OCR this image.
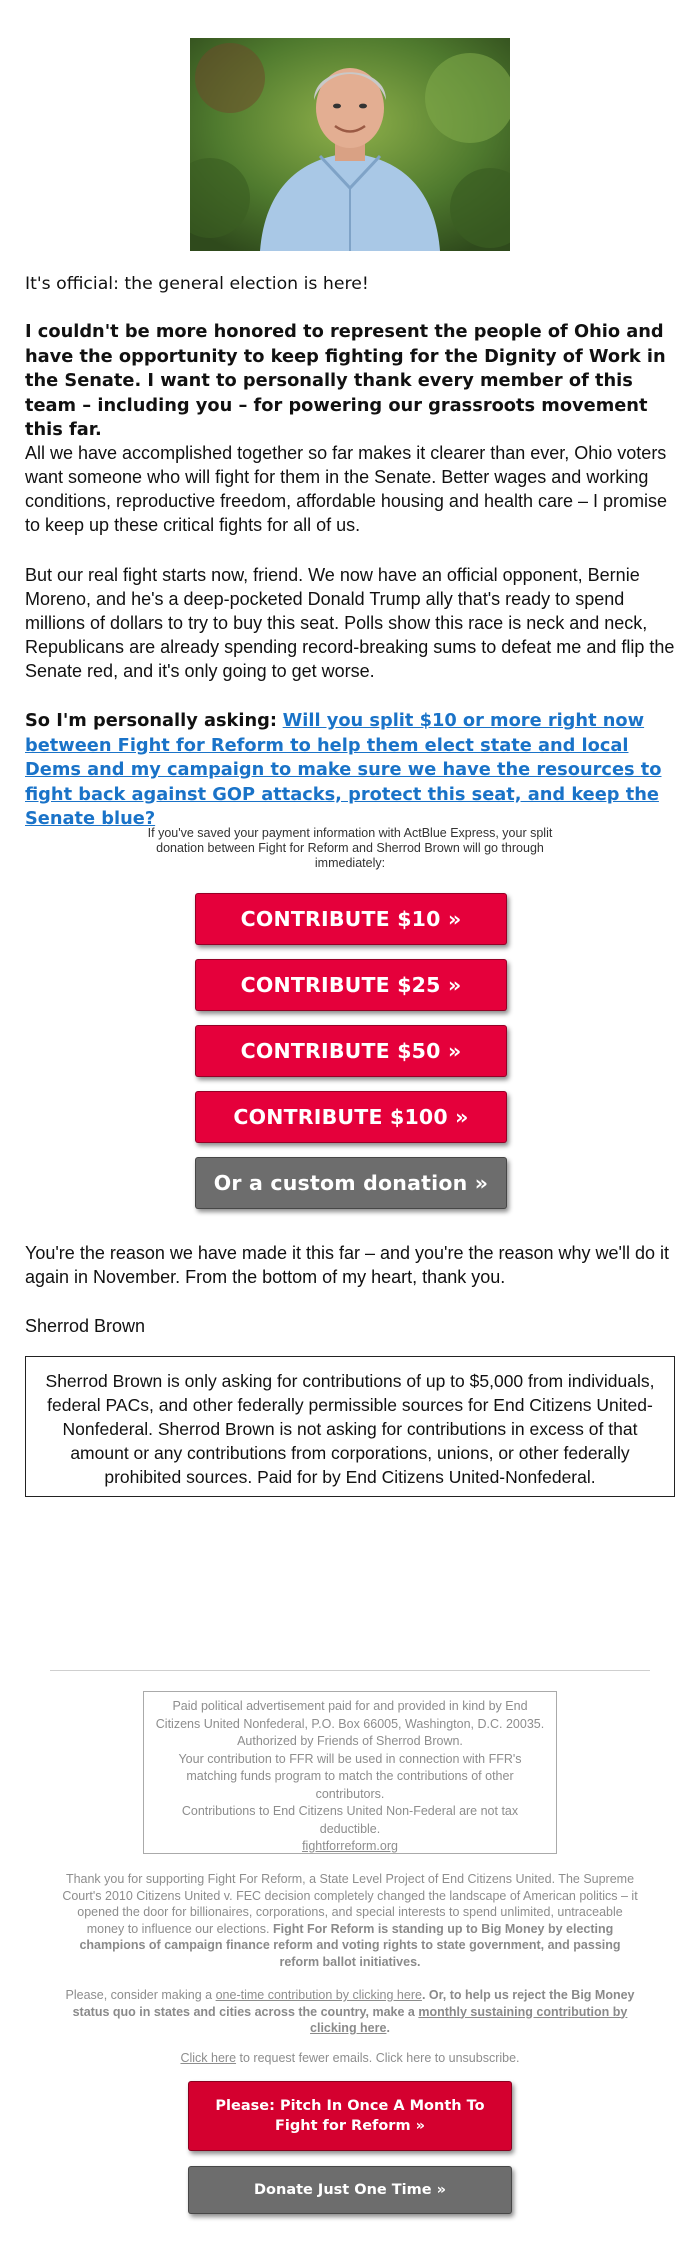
It's official: the general election is here!

I couldn't be more honored to represent the people of Ohio and have the opportunity to keep fighting for the Dignity of Work in the Senate. I want to personally thank every member of this team – including you – for powering our grassroots movement this far.

All we have accomplished together so far makes it clearer than ever, Ohio voters want someone who will fight for them in the Senate. Better wages and working conditions, reproductive freedom, affordable housing and health care – I promise to keep up these critical fights for all of us.

But our real fight starts now, friend. We now have an official opponent, Bernie Moreno, and he's a deep-pocketed Donald Trump ally that's ready to spend millions of dollars to try to buy this seat. Polls show this race is neck and neck, Republicans are already spending record-breaking sums to defeat me and flip the Senate red, and it's only going to get worse.

So I'm personally asking: Will you split $10 or more right now between Fight for Reform to help them elect state and local Dems and my campaign to make sure we have the resources to fight back against GOP attacks, protect this seat, and keep the Senate blue?

If you've saved your payment information with ActBlue Express, your split donation between Fight for Reform and Sherrod Brown will go through immediately:

CONTRIBUTE $10 »
CONTRIBUTE $25 »
CONTRIBUTE $50 »
CONTRIBUTE $100 »
Or a custom donation »

You're the reason we have made it this far – and you're the reason why we'll do it again in November. From the bottom of my heart, thank you.

Sherrod Brown

Sherrod Brown is only asking for contributions of up to $5,000 from individuals, federal PACs, and other federally permissible sources for End Citizens United-Nonfederal. Sherrod Brown is not asking for contributions in excess of that amount or any contributions from corporations, unions, or other federally prohibited sources. Paid for by End Citizens United-Nonfederal.
Paid political advertisement paid for and provided in kind by End Citizens United Nonfederal, P.O. Box 66005, Washington, D.C. 20035.
Authorized by Friends of Sherrod Brown.
Your contribution to FFR will be used in connection with FFR's matching funds program to match the contributions of other contributors.
Contributions to End Citizens United Non-Federal are not tax deductible.
fightforreform.org

Thank you for supporting Fight For Reform, a State Level Project of End Citizens United. The Supreme Court's 2010 Citizens United v. FEC decision completely changed the landscape of American politics – it opened the door for billionaires, corporations, and special interests to spend unlimited, untraceable money to influence our elections. Fight For Reform is standing up to Big Money by electing champions of campaign finance reform and voting rights to state government, and passing reform ballot initiatives.

Please, consider making a one-time contribution by clicking here. Or, to help us reject the Big Money status quo in states and cities across the country, make a monthly sustaining contribution by clicking here.

Click here to request fewer emails. Click here to unsubscribe.

Please: Pitch In Once A Month To Fight for Reform »
Donate Just One Time »
